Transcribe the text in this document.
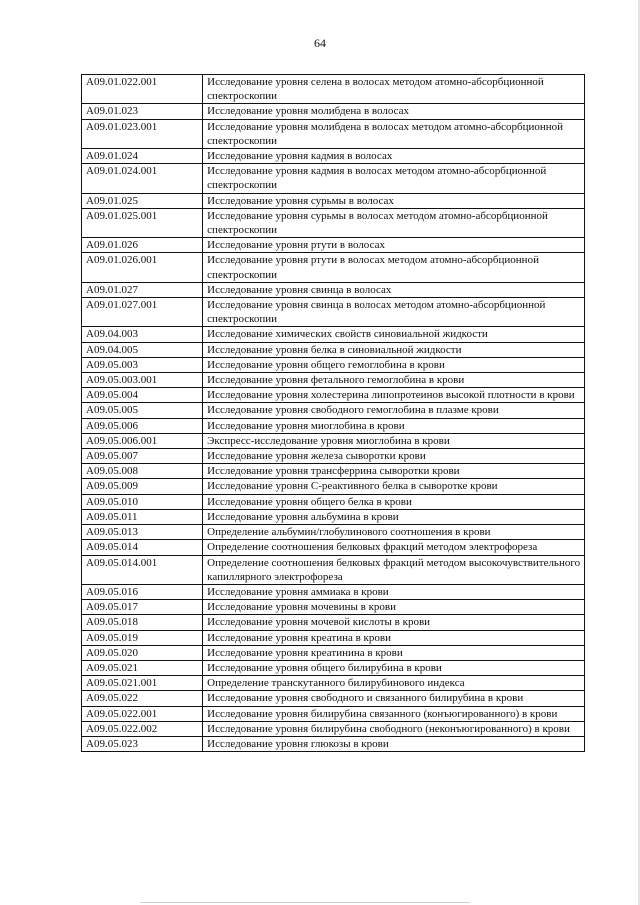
64
A09.01.022.001	Исследование уровня селена в волосах методом атомно-абсорбционной спектроскопии
A09.01.023	Исследование уровня молибдена в волосах
A09.01.023.001	Исследование уровня молибдена в волосах методом атомно-абсорбционной спектроскопии
A09.01.024	Исследование уровня кадмия в волосах
A09.01.024.001	Исследование уровня кадмия в волосах методом атомно-абсорбционной спектроскопии
A09.01.025	Исследование уровня сурьмы в волосах
A09.01.025.001	Исследование уровня сурьмы в волосах методом атомно-абсорбционной спектроскопии
A09.01.026	Исследование уровня ртути в волосах
A09.01.026.001	Исследование уровня ртути в волосах методом атомно-абсорбционной спектроскопии
A09.01.027	Исследование уровня свинца в волосах
A09.01.027.001	Исследование уровня свинца в волосах методом атомно-абсорбционной спектроскопии
A09.04.003	Исследование химических свойств синовиальной жидкости
A09.04.005	Исследование уровня белка в синовиальной жидкости
A09.05.003	Исследование уровня общего гемоглобина в крови
A09.05.003.001	Исследование уровня фетального гемоглобина в крови
A09.05.004	Исследование уровня холестерина липопротеинов высокой плотности в крови
A09.05.005	Исследование уровня свободного гемоглобина в плазме крови
A09.05.006	Исследование уровня миоглобина в крови
A09.05.006.001	Экспресс-исследование уровня миоглобина в крови
A09.05.007	Исследование уровня железа сыворотки крови
A09.05.008	Исследование уровня трансферрина сыворотки крови
A09.05.009	Исследование уровня С-реактивного белка в сыворотке крови
A09.05.010	Исследование уровня общего белка в крови
A09.05.011	Исследование уровня альбумина в крови
A09.05.013	Определение альбумин/глобулинового соотношения в крови
A09.05.014	Определение соотношения белковых фракций методом электрофореза
A09.05.014.001	Определение соотношения белковых фракций методом высокочувствительного капиллярного электрофореза
A09.05.016	Исследование уровня аммиака в крови
A09.05.017	Исследование уровня мочевины в крови
A09.05.018	Исследование уровня мочевой кислоты в крови
A09.05.019	Исследование уровня креатина в крови
A09.05.020	Исследование уровня креатинина в крови
A09.05.021	Исследование уровня общего билирубина в крови
A09.05.021.001	Определение транскутанного билирубинового индекса
A09.05.022	Исследование уровня свободного и связанного билирубина в крови
A09.05.022.001	Исследование уровня билирубина связанного (конъюгированного) в крови
A09.05.022.002	Исследование уровня билирубина свободного (неконъюгированного) в крови
A09.05.023	Исследование уровня глюкозы в крови
